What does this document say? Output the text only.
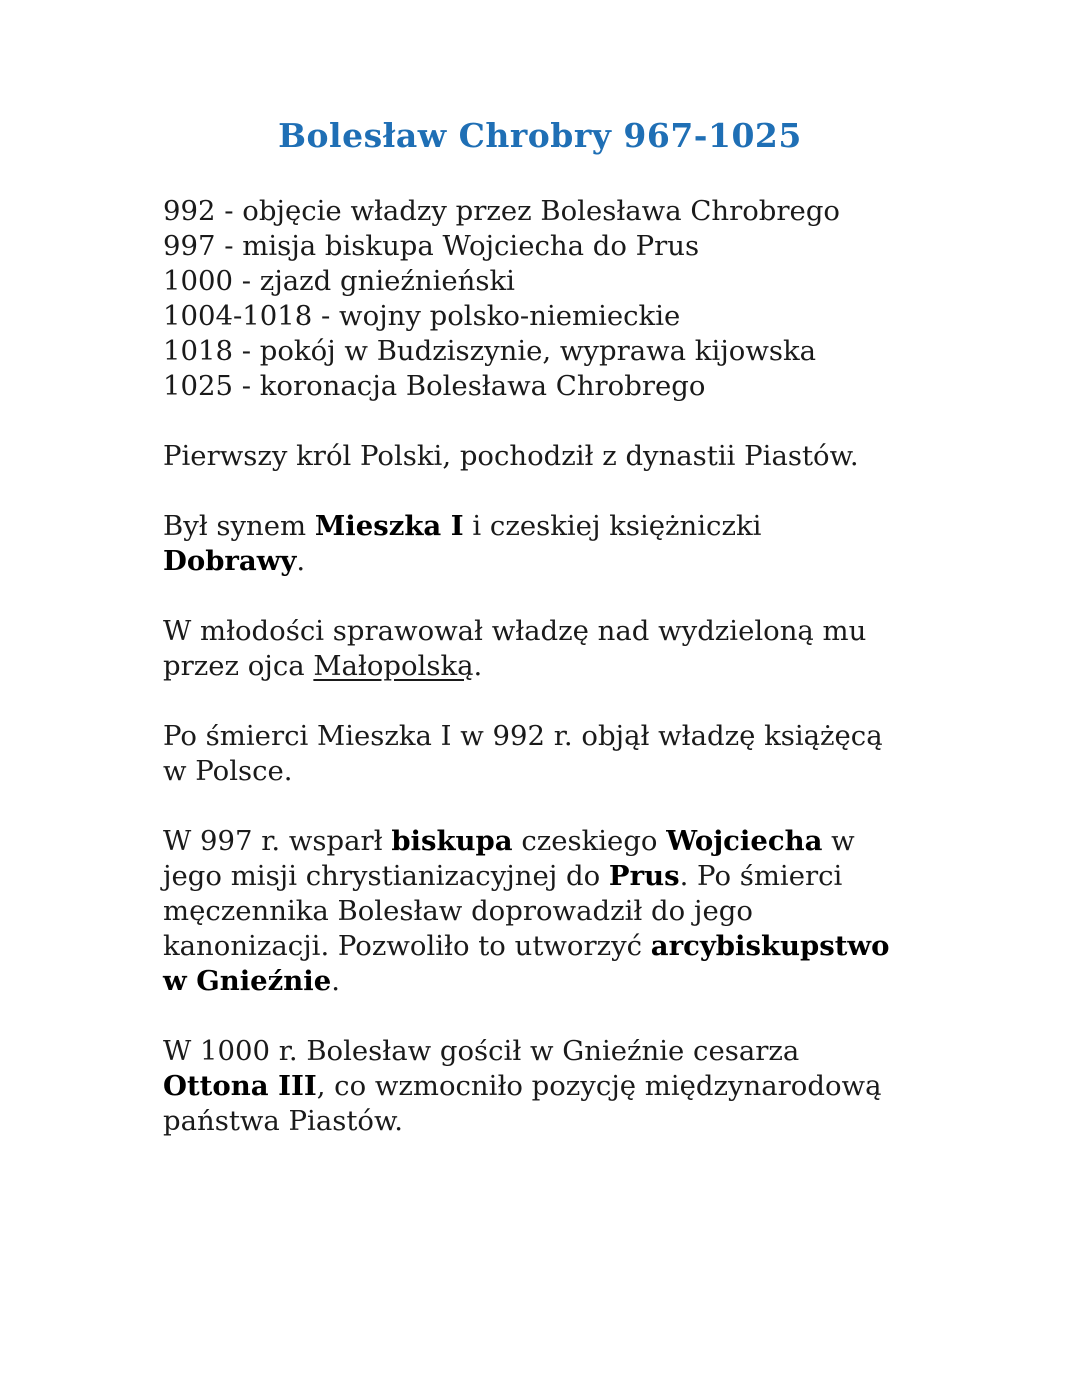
Bolesław Chrobry 967-1025
992 - objęcie władzy przez Bolesława Chrobrego
997 - misja biskupa Wojciecha do Prus
1000 - zjazd gnieźnieński
1004-1018 - wojny polsko-niemieckie
1018 - pokój w Budziszynie, wyprawa kijowska
1025 - koronacja Bolesława Chrobrego
Pierwszy król Polski, pochodził z dynastii Piastów.
Był synem Mieszka I i czeskiej księżniczki
Dobrawy.
W młodości sprawował władzę nad wydzieloną mu
przez ojca Małopolską.
Po śmierci Mieszka I w 992 r. objął władzę książęcą
w Polsce.
W 997 r. wsparł biskupa czeskiego Wojciecha w
jego misji chrystianizacyjnej do Prus. Po śmierci
męczennika Bolesław doprowadził do jego
kanonizacji. Pozwoliło to utworzyć arcybiskupstwo
w Gnieźnie.
W 1000 r. Bolesław gościł w Gnieźnie cesarza
Ottona III, co wzmocniło pozycję międzynarodową
państwa Piastów.
